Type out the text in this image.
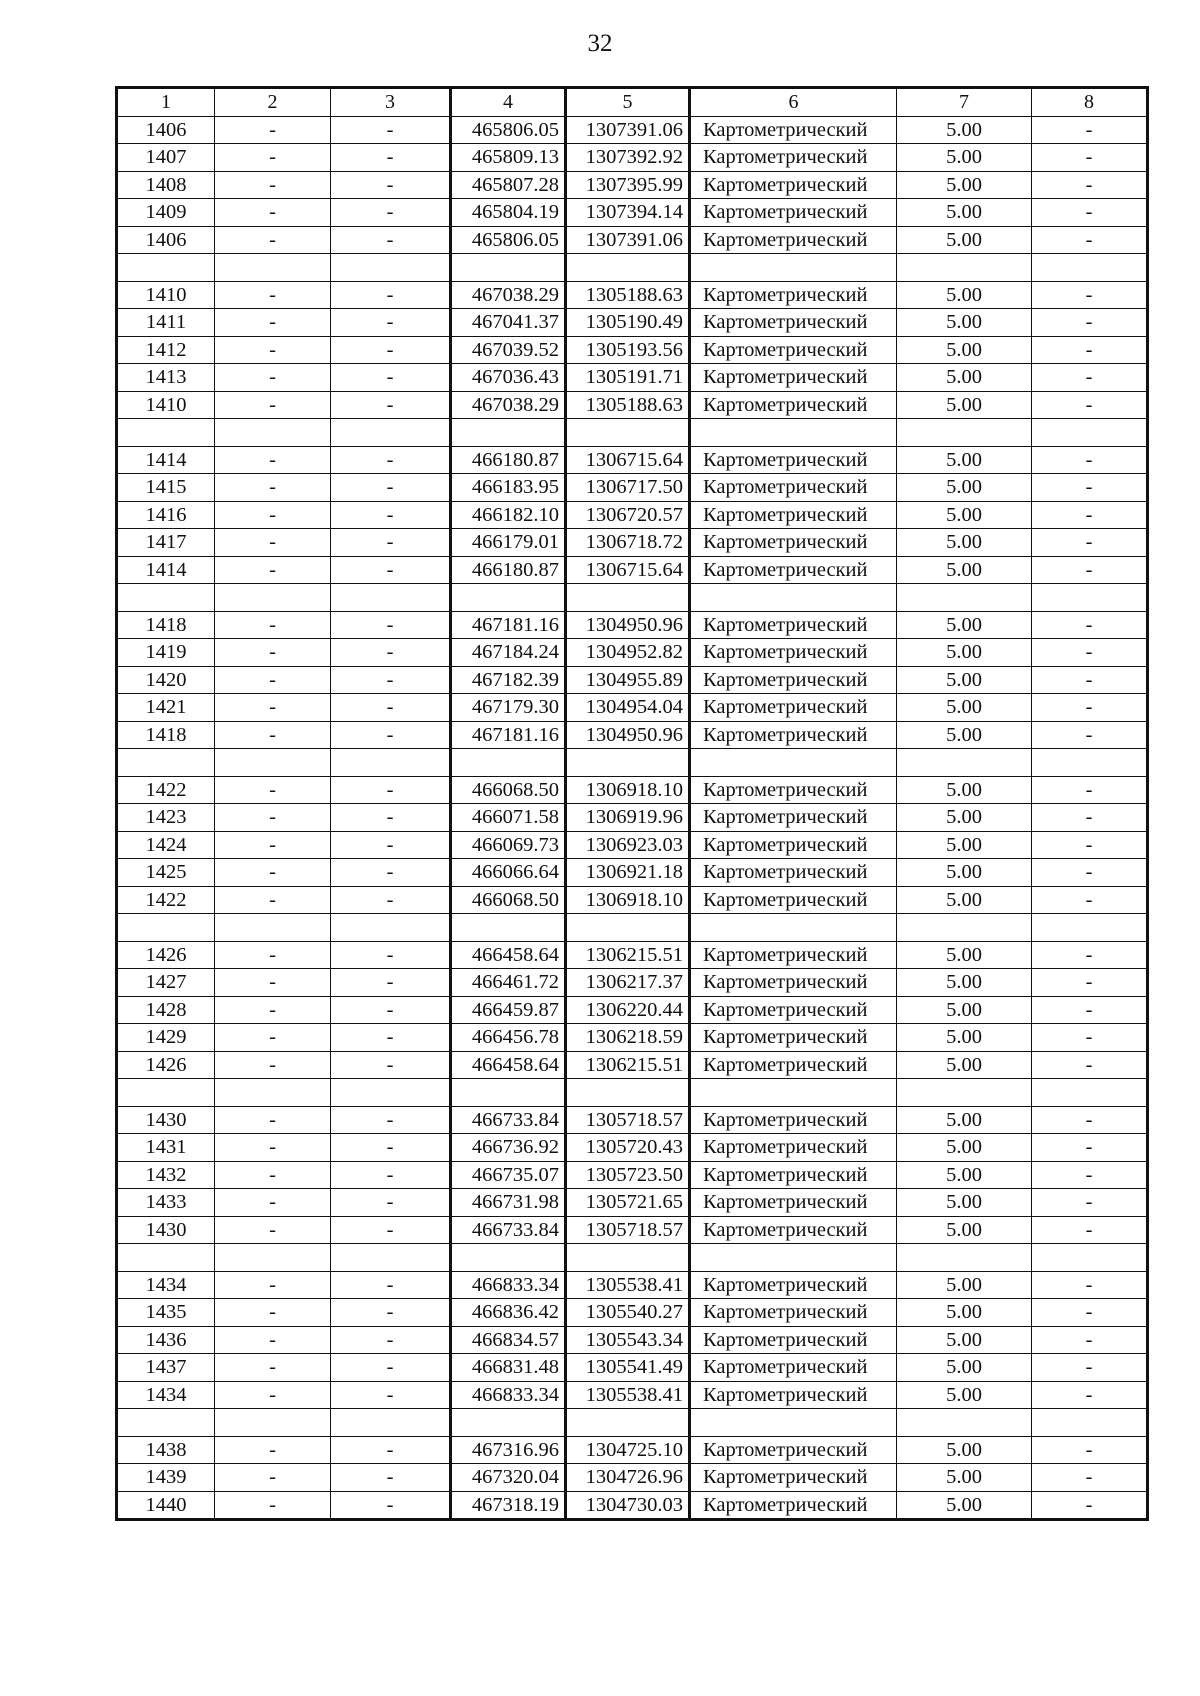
32
1	2	3	4	5	6	7	8
1406	-	-	465806.05	1307391.06	Картометрический	5.00	-
1407	-	-	465809.13	1307392.92	Картометрический	5.00	-
1408	-	-	465807.28	1307395.99	Картометрический	5.00	-
1409	-	-	465804.19	1307394.14	Картометрический	5.00	-
1406	-	-	465806.05	1307391.06	Картометрический	5.00	-

1410	-	-	467038.29	1305188.63	Картометрический	5.00	-
1411	-	-	467041.37	1305190.49	Картометрический	5.00	-
1412	-	-	467039.52	1305193.56	Картометрический	5.00	-
1413	-	-	467036.43	1305191.71	Картометрический	5.00	-
1410	-	-	467038.29	1305188.63	Картометрический	5.00	-

1414	-	-	466180.87	1306715.64	Картометрический	5.00	-
1415	-	-	466183.95	1306717.50	Картометрический	5.00	-
1416	-	-	466182.10	1306720.57	Картометрический	5.00	-
1417	-	-	466179.01	1306718.72	Картометрический	5.00	-
1414	-	-	466180.87	1306715.64	Картометрический	5.00	-

1418	-	-	467181.16	1304950.96	Картометрический	5.00	-
1419	-	-	467184.24	1304952.82	Картометрический	5.00	-
1420	-	-	467182.39	1304955.89	Картометрический	5.00	-
1421	-	-	467179.30	1304954.04	Картометрический	5.00	-
1418	-	-	467181.16	1304950.96	Картометрический	5.00	-

1422	-	-	466068.50	1306918.10	Картометрический	5.00	-
1423	-	-	466071.58	1306919.96	Картометрический	5.00	-
1424	-	-	466069.73	1306923.03	Картометрический	5.00	-
1425	-	-	466066.64	1306921.18	Картометрический	5.00	-
1422	-	-	466068.50	1306918.10	Картометрический	5.00	-

1426	-	-	466458.64	1306215.51	Картометрический	5.00	-
1427	-	-	466461.72	1306217.37	Картометрический	5.00	-
1428	-	-	466459.87	1306220.44	Картометрический	5.00	-
1429	-	-	466456.78	1306218.59	Картометрический	5.00	-
1426	-	-	466458.64	1306215.51	Картометрический	5.00	-

1430	-	-	466733.84	1305718.57	Картометрический	5.00	-
1431	-	-	466736.92	1305720.43	Картометрический	5.00	-
1432	-	-	466735.07	1305723.50	Картометрический	5.00	-
1433	-	-	466731.98	1305721.65	Картометрический	5.00	-
1430	-	-	466733.84	1305718.57	Картометрический	5.00	-

1434	-	-	466833.34	1305538.41	Картометрический	5.00	-
1435	-	-	466836.42	1305540.27	Картометрический	5.00	-
1436	-	-	466834.57	1305543.34	Картометрический	5.00	-
1437	-	-	466831.48	1305541.49	Картометрический	5.00	-
1434	-	-	466833.34	1305538.41	Картометрический	5.00	-

1438	-	-	467316.96	1304725.10	Картометрический	5.00	-
1439	-	-	467320.04	1304726.96	Картометрический	5.00	-
1440	-	-	467318.19	1304730.03	Картометрический	5.00	-
